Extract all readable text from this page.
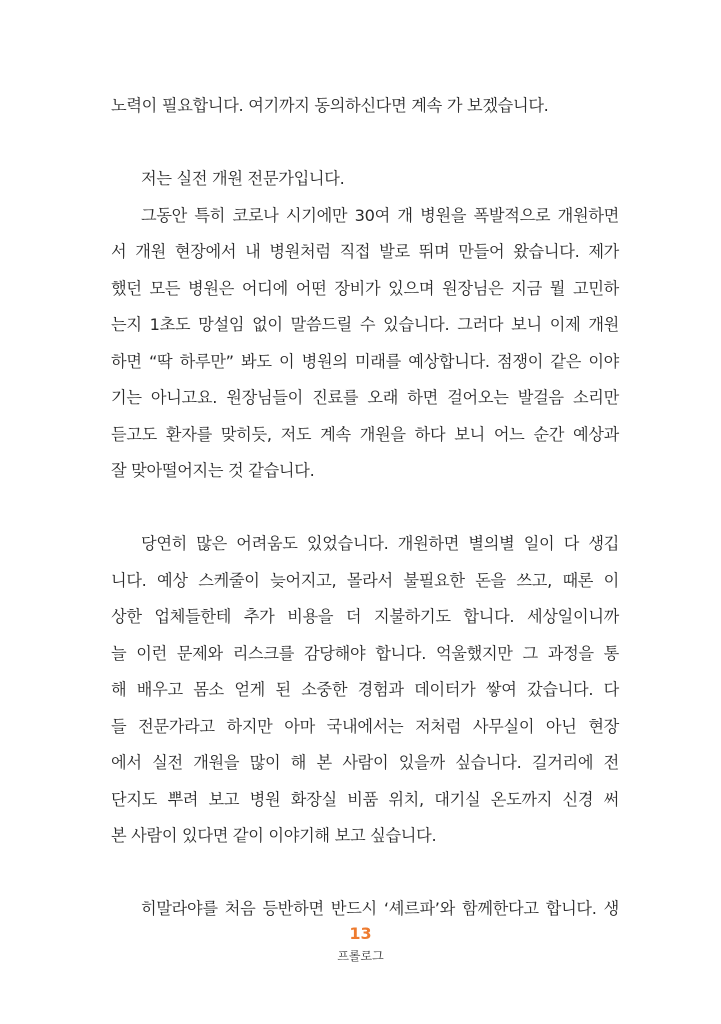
노력이 필요합니다. 여기까지 동의하신다면 계속 가 보겠습니다.
저는 실전 개원 전문가입니다.
그동안 특히 코로나 시기에만 30여 개 병원을 폭발적으로 개원하면
서 개원 현장에서 내 병원처럼 직접 발로 뛰며 만들어 왔습니다. 제가
했던 모든 병원은 어디에 어떤 장비가 있으며 원장님은 지금 뭘 고민하
는지 1초도 망설임 없이 말씀드릴 수 있습니다. 그러다 보니 이제 개원
하면 “딱 하루만” 봐도 이 병원의 미래를 예상합니다. 점쟁이 같은 이야
기는 아니고요. 원장님들이 진료를 오래 하면 걸어오는 발걸음 소리만
듣고도 환자를 맞히듯, 저도 계속 개원을 하다 보니 어느 순간 예상과
잘 맞아떨어지는 것 같습니다.
당연히 많은 어려움도 있었습니다. 개원하면 별의별 일이 다 생깁
니다. 예상 스케줄이 늦어지고, 몰라서 불필요한 돈을 쓰고, 때론 이
상한 업체들한테 추가 비용을 더 지불하기도 합니다. 세상일이니까
늘 이런 문제와 리스크를 감당해야 합니다. 억울했지만 그 과정을 통
해 배우고 몸소 얻게 된 소중한 경험과 데이터가 쌓여 갔습니다. 다
들 전문가라고 하지만 아마 국내에서는 저처럼 사무실이 아닌 현장
에서 실전 개원을 많이 해 본 사람이 있을까 싶습니다. 길거리에 전
단지도 뿌려 보고 병원 화장실 비품 위치, 대기실 온도까지 신경 써
본 사람이 있다면 같이 이야기해 보고 싶습니다.
히말라야를 처음 등반하면 반드시 ‘셰르파’와 함께한다고 합니다. 생
13
프롤로그
